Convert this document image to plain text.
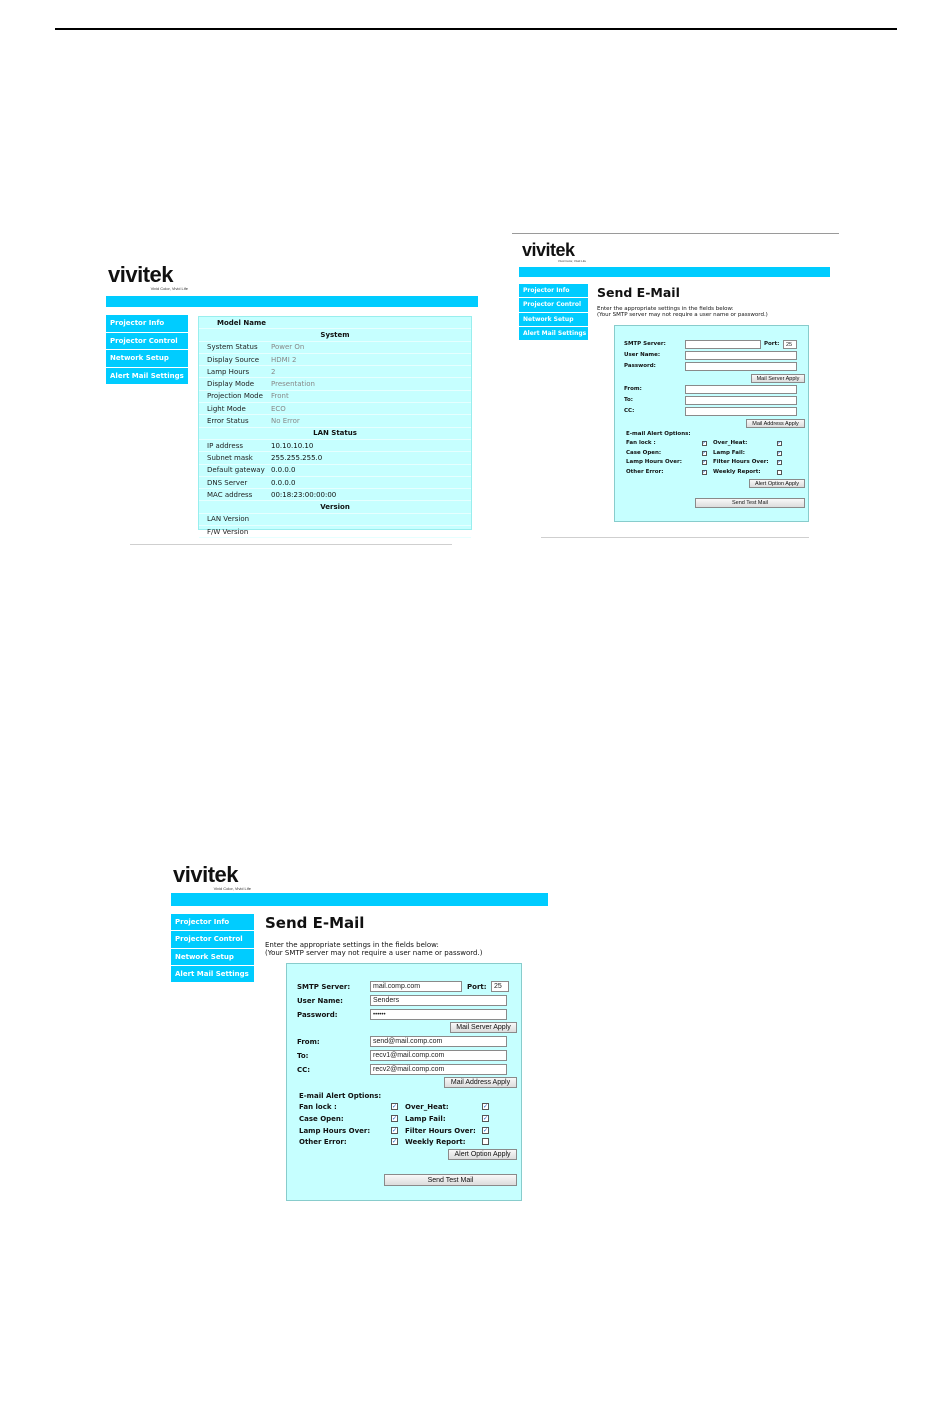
vivitek
Vivid Color, Vivid Life
Projector Info
Projector Control
Network Setup
Alert Mail Settings
Model Name
System
System Status	Power On
Display Source	HDMI 2
Lamp Hours	2
Display Mode	Presentation
Projection Mode	Front
Light Mode	ECO
Error Status	No Error
LAN Status
IP address	10.10.10.10
Subnet mask	255.255.255.0
Default gateway 0.0.0.0
DNS Server	0.0.0.0
MAC address	00:18:23:00:00:00
Version
LAN Version
F/W Version
vivitek
Vivid Color, Vivid Life
Projector Info
Projector Control
Network Setup
Alert Mail Settings
Send E-Mail
Enter the appropriate settings in the fields below:
(Your SMTP server may not require a user name or password.)
SMTP Server:	Port:	25
User Name:
Password:
Mail Server Apply
From:
To:
CC:
Mail Address Apply
E-mail Alert Options:
Fan lock :	✓ Over_Heat:	✓
Case Open:	✓ Lamp Fail:	✓
Lamp Hours Over:	✓ Filter Hours Over: ✓
Other Error:	✓ Weekly Report:
Alert Option Apply
Send Test Mail
vivitek
Vivid Color, Vivid Life
Projector Info
Projector Control
Network Setup
Alert Mail Settings
Send E-Mail
Enter the appropriate settings in the fields below:
(Your SMTP server may not require a user name or password.)
SMTP Server:	mail.comp.com	Port:	25
User Name:	Senders
Password:	••••••
Mail Server Apply
From:	send@mail.comp.com
To:	recv1@mail.comp.com
CC:	recv2@mail.comp.com
Mail Address Apply
E-mail Alert Options:
Fan lock :	✓ Over_Heat:	✓
Case Open:	✓ Lamp Fail:	✓
Lamp Hours Over:	✓ Filter Hours Over: ✓
Other Error:	✓ Weekly Report:
Alert Option Apply
Send Test Mail
